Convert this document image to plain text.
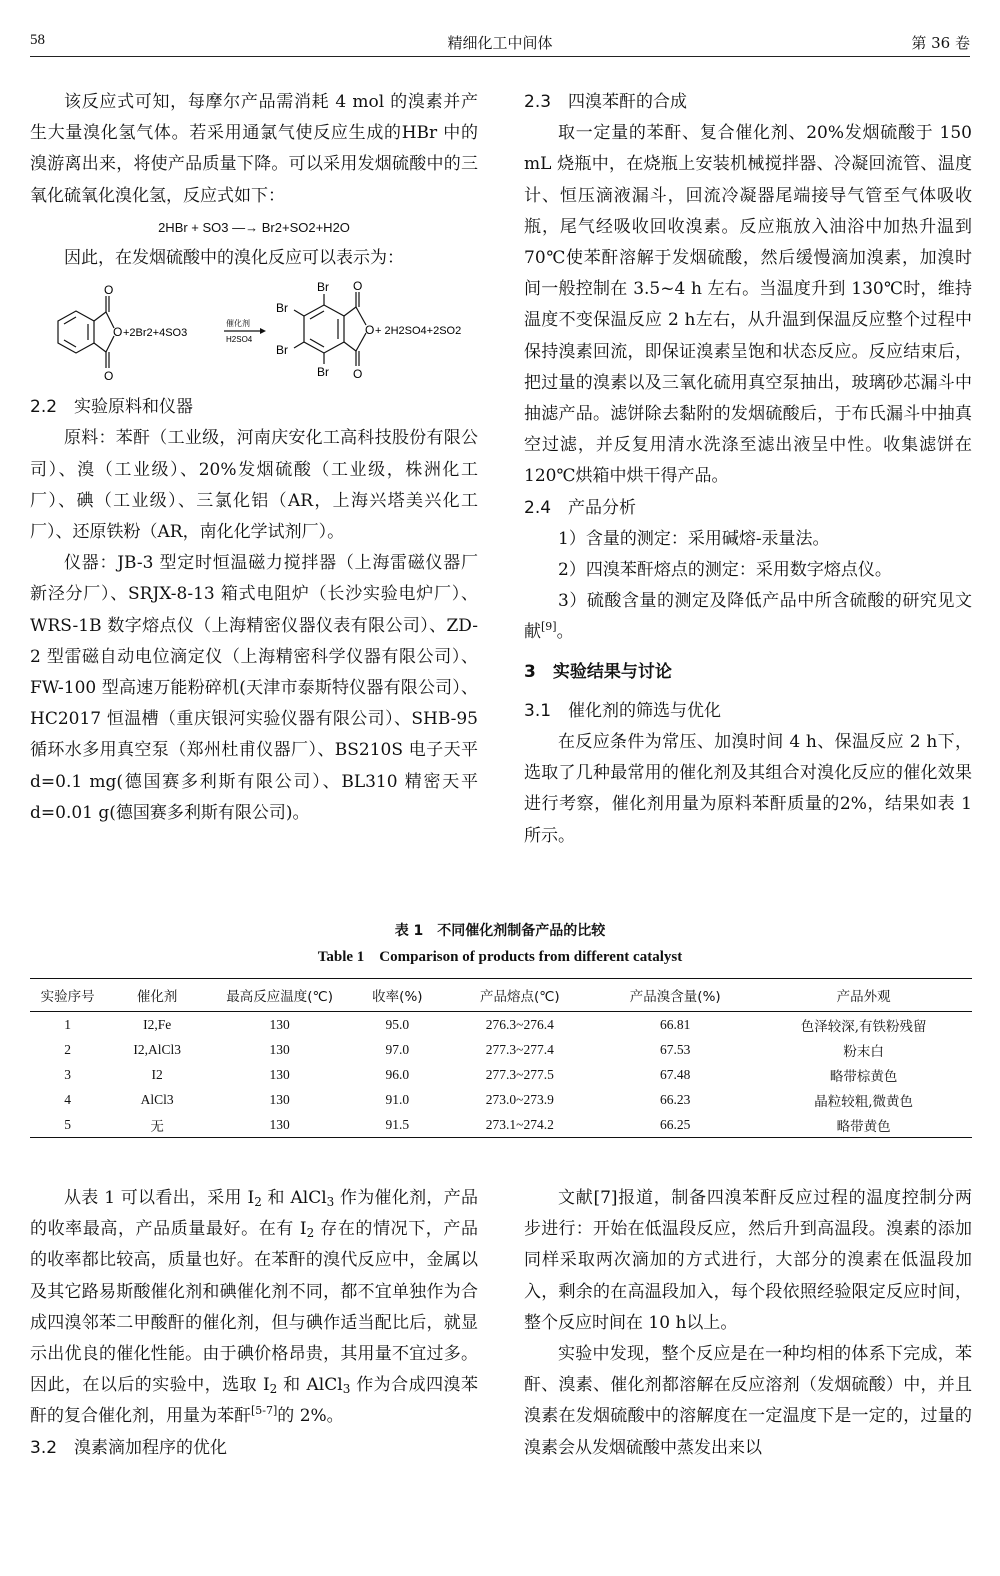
58	精细化工中间体	第 36 卷

该反应式可知，每摩尔产品需消耗 4 mol 的溴素并产生大量溴化氢气体。若采用通氯气使反应生成的HBr 中的溴游离出来，将使产品质量下降。可以采用发烟硫酸中的三氧化硫氧化溴化氢，反应式如下：

2HBr + SO3 —→ Br2+SO2+H2O

因此，在发烟硫酸中的溴化反应可以表示为：

O
O
O +2Br2+4SO3
催化剂
H2SO4
Br
Br
Br
Br
O
O
O + 2H2SO4+2SO2

2.2　实验原料和仪器

原料：苯酐（工业级，河南庆安化工高科技股份有限公司）、溴（工业级）、20%发烟硫酸（工业级，株洲化工厂）、碘（工业级）、三氯化铝（AR，上海兴塔美兴化工厂）、还原铁粉（AR，南化化学试剂厂）。

仪器：JB-3 型定时恒温磁力搅拌器（上海雷磁仪器厂新泾分厂）、SRJX-8-13 箱式电阻炉（长沙实验电炉厂）、WRS-1B 数字熔点仪（上海精密仪器仪表有限公司）、ZD-2 型雷磁自动电位滴定仪（上海精密科学仪器有限公司）、FW-100 型高速万能粉碎机(天津市泰斯特仪器有限公司）、HC2017 恒温槽（重庆银河实验仪器有限公司）、SHB-95 循环水多用真空泵（郑州杜甫仪器厂）、BS210S 电子天平 d=0.1 mg(德国赛多利斯有限公司）、BL310 精密天平 d=0.01 g(德国赛多利斯有限公司)。

2.3　四溴苯酐的合成

取一定量的苯酐、复合催化剂、20%发烟硫酸于 150 mL 烧瓶中，在烧瓶上安装机械搅拌器、冷凝回流管、温度计、恒压滴液漏斗，回流冷凝器尾端接导气管至气体吸收瓶，尾气经吸收回收溴素。反应瓶放入油浴中加热升温到 70℃使苯酐溶解于发烟硫酸，然后缓慢滴加溴素，加溴时间一般控制在 3.5~4 h 左右。当温度升到 130℃时，维持温度不变保温反应 2 h左右，从升温到保温反应整个过程中保持溴素回流，即保证溴素呈饱和状态反应。反应结束后，把过量的溴素以及三氧化硫用真空泵抽出，玻璃砂芯漏斗中抽滤产品。滤饼除去黏附的发烟硫酸后，于布氏漏斗中抽真空过滤，并反复用清水洗涤至滤出液呈中性。收集滤饼在 120℃烘箱中烘干得产品。

2.4　产品分析

1）含量的测定：采用碱熔-汞量法。

2）四溴苯酐熔点的测定：采用数字熔点仪。

3）硫酸含量的测定及降低产品中所含硫酸的研究见文献[9]。

3　实验结果与讨论

3.1　催化剂的筛选与优化

在反应条件为常压、加溴时间 4 h、保温反应 2 h下，选取了几种最常用的催化剂及其组合对溴化反应的催化效果进行考察，催化剂用量为原料苯酐质量的2%，结果如表 1 所示。

表 1　不同催化剂制备产品的比较
Table 1　Comparison of products from different catalyst
实验序号	催化剂	最高反应温度(℃)	收率(%)	产品熔点(℃)	产品溴含量(%)	产品外观
1	I2,Fe	130	95.0	276.3~276.4	66.81	色泽较深,有铁粉残留
2	I2,AlCl3	130	97.0	277.3~277.4	67.53	粉末白
3	I2	130	96.0	277.3~277.5	67.48	略带棕黄色
4	AlCl3	130	91.0	273.0~273.9	66.23	晶粒较粗,微黄色
5	无	130	91.5	273.1~274.2	66.25	略带黄色

从表 1 可以看出，采用 $I_2$ 和 AlCl$_3$ 作为催化剂，产品的收率最高，产品质量最好。在有 $I_2$ 存在的情况下，产品的收率都比较高，质量也好。在苯酐的溴代反应中，金属以及其它路易斯酸催化剂和碘催化剂不同，都不宜单独作为合成四溴邻苯二甲酸酐的催化剂，但与碘作适当配比后，就显示出优良的催化性能。由于碘价格昂贵，其用量不宜过多。因此，在以后的实验中，选取 $I_2$ 和 AlCl$_3$ 作为合成四溴苯酐的复合催化剂，用量为苯酐[5-7]的 2%。

3.2　溴素滴加程序的优化

文献[7]报道，制备四溴苯酐反应过程的温度控制分两步进行：开始在低温段反应，然后升到高温段。溴素的添加同样采取两次滴加的方式进行，大部分的溴素在低温段加入，剩余的在高温段加入，每个段依照经验限定反应时间，整个反应时间在 10 h以上。

实验中发现，整个反应是在一种均相的体系下完成，苯酐、溴素、催化剂都溶解在反应溶剂（发烟硫酸）中，并且溴素在发烟硫酸中的溶解度在一定温度下是一定的，过量的溴素会从发烟硫酸中蒸发出来以
